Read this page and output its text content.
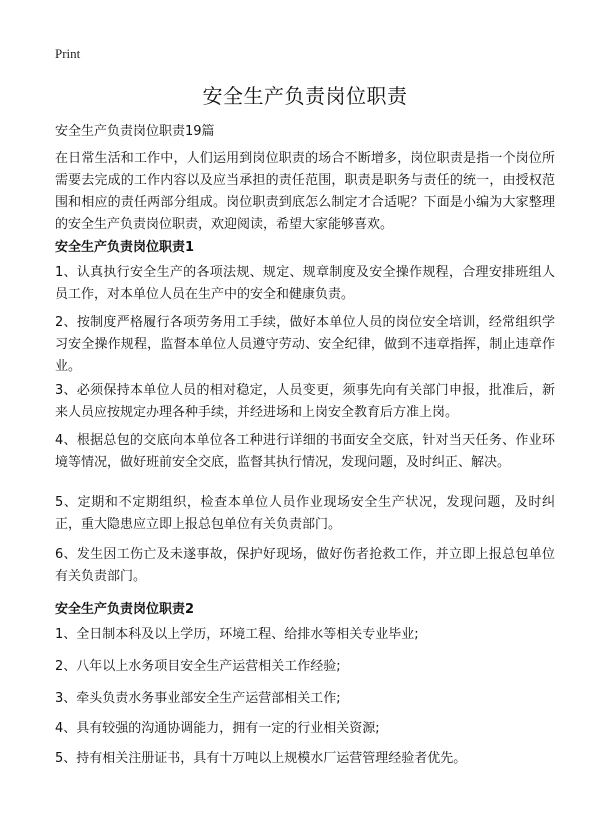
Print
安全生产负责岗位职责
安全生产负责岗位职责19篇

在日常生活和工作中，人们运用到岗位职责的场合不断增多，岗位职责是指一个岗位所需要去完成的工作内容以及应当承担的责任范围，职责是职务与责任的统一，由授权范围和相应的责任两部分组成。岗位职责到底怎么制定才合适呢？下面是小编为大家整理的安全生产负责岗位职责，欢迎阅读，希望大家能够喜欢。

安全生产负责岗位职责1

1、认真执行安全生产的各项法规、规定、规章制度及安全操作规程，合理安排班组人员工作，对本单位人员在生产中的安全和健康负责。

2、按制度严格履行各项劳务用工手续，做好本单位人员的岗位安全培训，经常组织学习安全操作规程，监督本单位人员遵守劳动、安全纪律，做到不违章指挥，制止违章作业。

3、必须保持本单位人员的相对稳定，人员变更，须事先向有关部门申报，批准后，新来人员应按规定办理各种手续，并经进场和上岗安全教育后方准上岗。

4、根据总包的交底向本单位各工种进行详细的书面安全交底，针对当天任务、作业环境等情况，做好班前安全交底，监督其执行情况，发现问题，及时纠正、解决。

5、定期和不定期组织，检查本单位人员作业现场安全生产状况，发现问题，及时纠正，重大隐患应立即上报总包单位有关负责部门。

6、发生因工伤亡及未遂事故，保护好现场，做好伤者抢救工作，并立即上报总包单位有关负责部门。

安全生产负责岗位职责2

1、全日制本科及以上学历，环境工程、给排水等相关专业毕业;

2、八年以上水务项目安全生产运营相关工作经验;

3、牵头负责水务事业部安全生产运营部相关工作;

4、具有较强的沟通协调能力，拥有一定的行业相关资源;

5、持有相关注册证书，具有十万吨以上规模水厂运营管理经验者优先。
